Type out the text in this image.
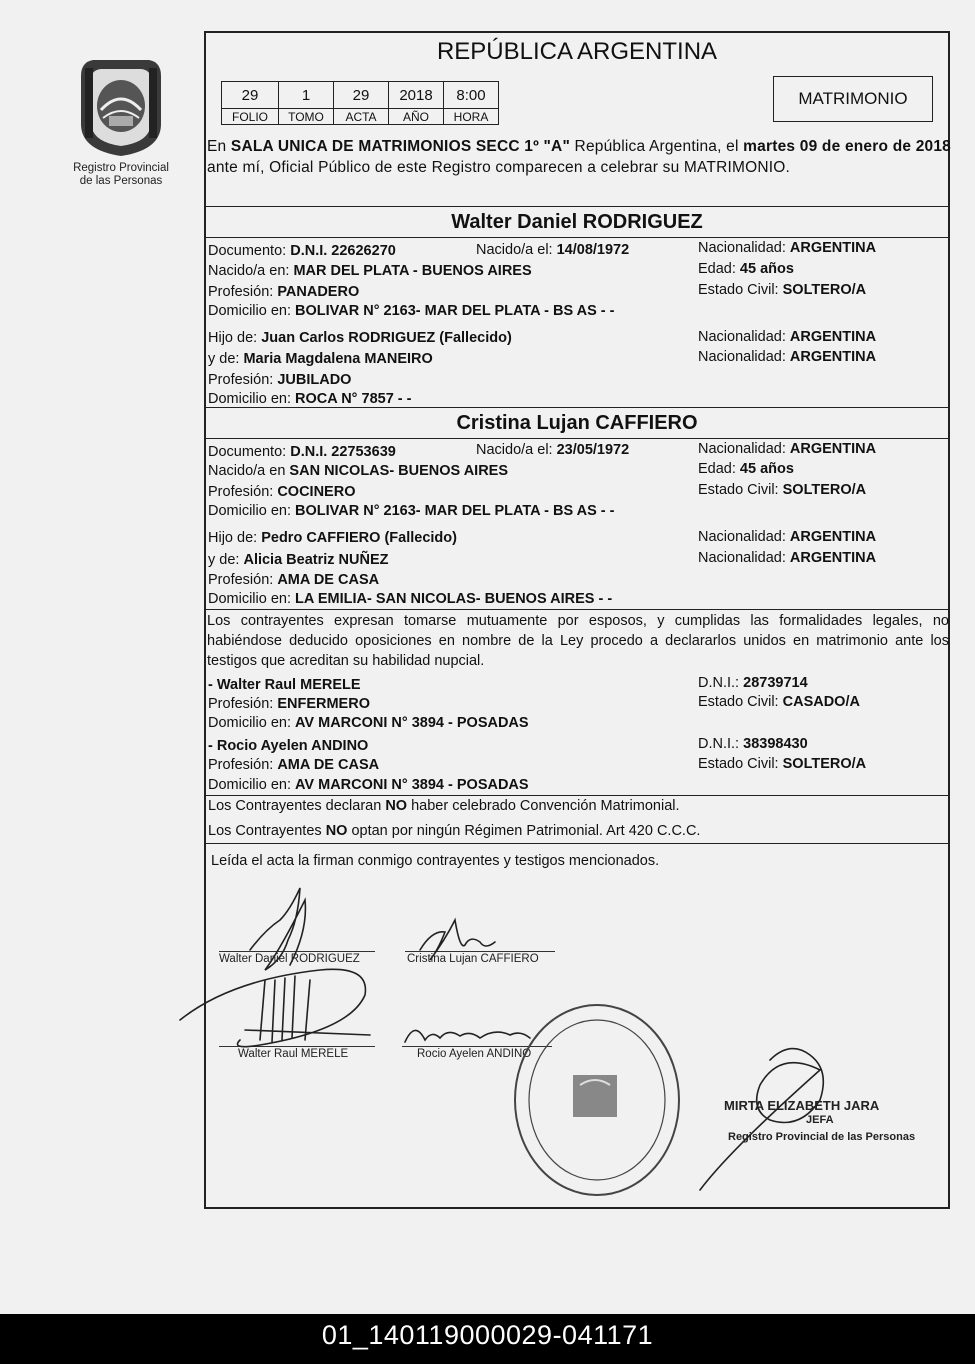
Registro Provincial
de las Personas
REPÚBLICA ARGENTINA
29	1	29	2018	8:00
FOLIO	TOMO	ACTA	AÑO	HORA
MATRIMONIO
En SALA UNICA DE MATRIMONIOS SECC 1º "A" República Argentina, el martes 09 de enero de 2018 ante mí, Oficial Público de este Registro comparecen a celebrar su MATRIMONIO.
Walter Daniel RODRIGUEZ
Documento: D.N.I. 22626270	Nacido/a el: 14/08/1972	Nacionalidad: ARGENTINA
Nacido/a en: MAR DEL PLATA - BUENOS AIRES	Edad: 45 años
Profesión: PANADERO	Estado Civil: SOLTERO/A
Domicilio en: BOLIVAR N° 2163- MAR DEL PLATA - BS AS - -
Hijo de: Juan Carlos RODRIGUEZ (Fallecido)	Nacionalidad: ARGENTINA
y de: Maria Magdalena MANEIRO	Nacionalidad: ARGENTINA
Profesión: JUBILADO
Domicilio en: ROCA N° 7857 - -
Cristina Lujan CAFFIERO
Documento: D.N.I. 22753639	Nacido/a el: 23/05/1972	Nacionalidad: ARGENTINA
Nacido/a en SAN NICOLAS- BUENOS AIRES	Edad: 45 años
Profesión: COCINERO	Estado Civil: SOLTERO/A
Domicilio en: BOLIVAR N° 2163- MAR DEL PLATA - BS AS - -
Hijo de: Pedro CAFFIERO (Fallecido)	Nacionalidad: ARGENTINA
y de: Alicia Beatriz NUÑEZ	Nacionalidad: ARGENTINA
Profesión: AMA DE CASA
Domicilio en: LA EMILIA- SAN NICOLAS- BUENOS AIRES - -
Los contrayentes expresan tomarse mutuamente por esposos, y cumplidas las formalidades legales, no habiéndose deducido oposiciones en nombre de la Ley procedo a declararlos unidos en matrimonio ante los testigos que acreditan su habilidad nupcial.
- Walter Raul MERELE	D.N.I.: 28739714
Profesión: ENFERMERO	Estado Civil: CASADO/A
Domicilio en: AV MARCONI N° 3894 - POSADAS
- Rocio Ayelen ANDINO	D.N.I.: 38398430
Profesión: AMA DE CASA	Estado Civil: SOLTERO/A
Domicilio en: AV MARCONI N° 3894 - POSADAS
Los Contrayentes declaran NO haber celebrado Convención Matrimonial.
Los Contrayentes NO optan por ningún Régimen Patrimonial. Art 420 C.C.C.
Leída el acta la firman conmigo contrayentes y testigos mencionados.
Walter Daniel RODRIGUEZ	Cristina Lujan CAFFIERO
Walter Raul MERELE	Rocio Ayelen ANDINO
MIRTA ELIZABETH JARA
JEFA
Registro Provincial de las Personas
01_140119000029-041171
